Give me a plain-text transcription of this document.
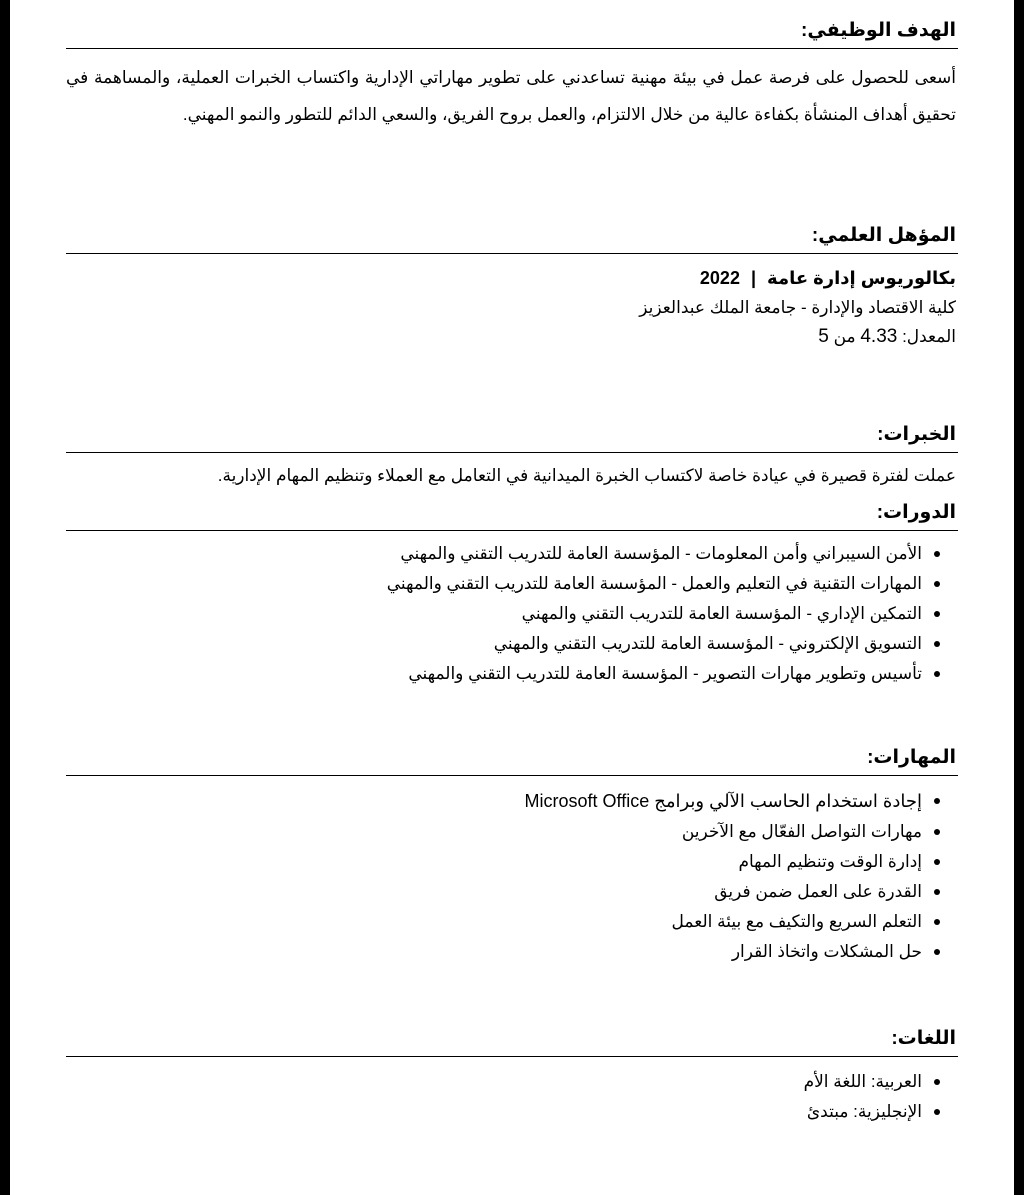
الهدف الوظيفي:

أسعى للحصول على فرصة عمل في بيئة مهنية تساعدني على تطوير مهاراتي الإدارية واكتساب الخبرات العملية، والمساهمة في تحقيق أهداف المنشأة بكفاءة عالية من خلال الالتزام، والعمل بروح الفريق، والسعي الدائم للتطور والنمو المهني.

المؤهل العلمي:
بكالوريوس إدارة عامة | 2022
كلية الاقتصاد والإدارة - جامعة الملك عبدالعزيز
المعدل: 4.33 من 5
الخبرات:

عملت لفترة قصيرة في عيادة خاصة لاكتساب الخبرة الميدانية في التعامل مع العملاء وتنظيم المهام الإدارية.

الدورات:
الأمن السيبراني وأمن المعلومات - المؤسسة العامة للتدريب التقني والمهني
المهارات التقنية في التعليم والعمل - المؤسسة العامة للتدريب التقني والمهني
التمكين الإداري - المؤسسة العامة للتدريب التقني والمهني
التسويق الإلكتروني - المؤسسة العامة للتدريب التقني والمهني
تأسيس وتطوير مهارات التصوير - المؤسسة العامة للتدريب التقني والمهني
المهارات:
إجادة استخدام الحاسب الآلي وبرامج Microsoft Office
مهارات التواصل الفعّال مع الآخرين
إدارة الوقت وتنظيم المهام
القدرة على العمل ضمن فريق
التعلم السريع والتكيف مع بيئة العمل
حل المشكلات واتخاذ القرار
اللغات:
العربية: اللغة الأم
الإنجليزية: مبتدئ
